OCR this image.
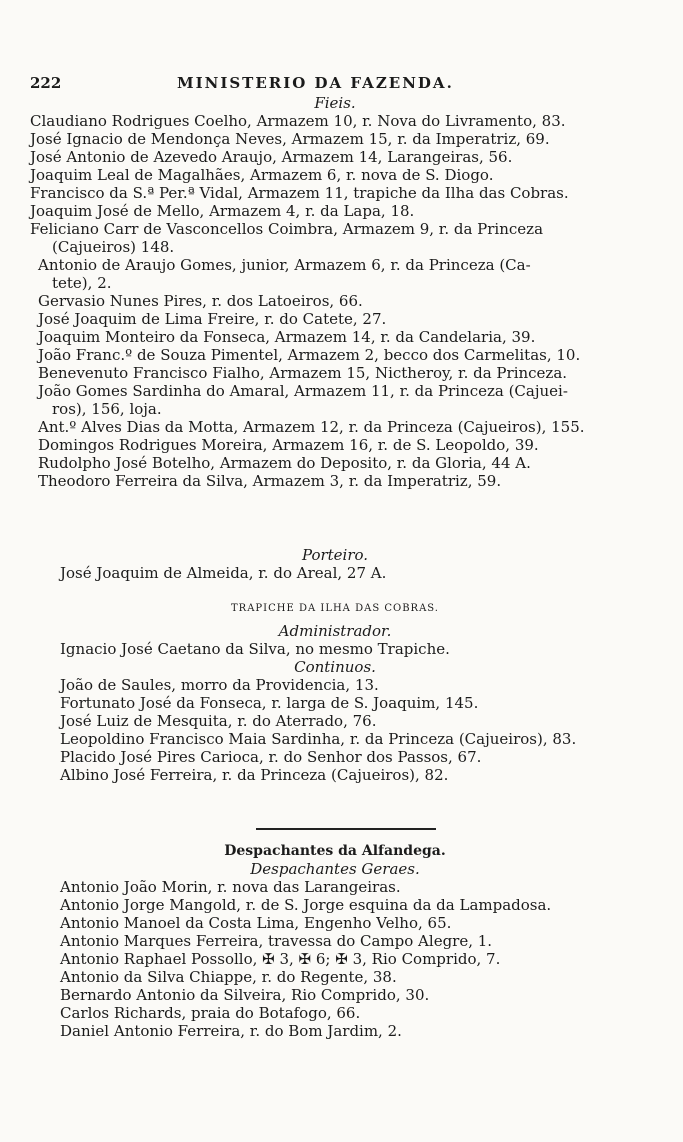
222	MINISTERIO DA FAZENDA.
Fieis.
Claudiano Rodrigues Coelho, Armazem 10, r. Nova do Livramento, 83.
José Ignacio de Mendonça Neves, Armazem 15, r. da Imperatriz, 69.
José Antonio de Azevedo Araujo, Armazem 14, Larangeiras, 56.
Joaquim Leal de Magalhães, Armazem 6, r. nova de S. Diogo.
Francisco da S.ª Per.ª Vidal, Armazem 11, trapiche da Ilha das Cobras.
Joaquim José de Mello, Armazem 4, r. da Lapa, 18.
Feliciano Carr de Vasconcellos Coimbra, Armazem 9, r. da Princeza
(Cajueiros) 148.
Antonio de Araujo Gomes, junior, Armazem 6, r. da Princeza (Ca-
tete), 2.
Gervasio Nunes Pires, r. dos Latoeiros, 66.
José Joaquim de Lima Freire, r. do Catete, 27.
Joaquim Monteiro da Fonseca, Armazem 14, r. da Candelaria, 39.
João Franc.º de Souza Pimentel, Armazem 2, becco dos Carmelitas, 10.
Benevenuto Francisco Fialho, Armazem 15, Nictheroy, r. da Princeza.
João Gomes Sardinha do Amaral, Armazem 11, r. da Princeza (Cajuei-
ros), 156, loja.
Ant.º Alves Dias da Motta, Armazem 12, r. da Princeza (Cajueiros), 155.
Domingos Rodrigues Moreira, Armazem 16, r. de S. Leopoldo, 39.
Rudolpho José Botelho, Armazem do Deposito, r. da Gloria, 44 A.
Theodoro Ferreira da Silva, Armazem 3, r. da Imperatriz, 59.
Porteiro.
José Joaquim de Almeida, r. do Areal, 27 A.
TRAPICHE DA ILHA DAS COBRAS.
Administrador.
Ignacio José Caetano da Silva, no mesmo Trapiche.
Continuos.
João de Saules, morro da Providencia, 13.
Fortunato José da Fonseca, r. larga de S. Joaquim, 145.
José Luiz de Mesquita, r. do Aterrado, 76.
Leopoldino Francisco Maia Sardinha, r. da Princeza (Cajueiros), 83.
Placido José Pires Carioca, r. do Senhor dos Passos, 67.
Albino José Ferreira, r. da Princeza (Cajueiros), 82.
Despachantes da Alfandega.
Despachantes Geraes.
Antonio João Morin, r. nova das Larangeiras.
Antonio Jorge Mangold, r. de S. Jorge esquina da da Lampadosa.
Antonio Manoel da Costa Lima, Engenho Velho, 65.
Antonio Marques Ferreira, travessa do Campo Alegre, 1.
Antonio Raphael Possollo, ✠ 3, ✠ 6; ✠ 3, Rio Comprido, 7.
Antonio da Silva Chiappe, r. do Regente, 38.
Bernardo Antonio da Silveira, Rio Comprido, 30.
Carlos Richards, praia do Botafogo, 66.
Daniel Antonio Ferreira, r. do Bom Jardim, 2.
